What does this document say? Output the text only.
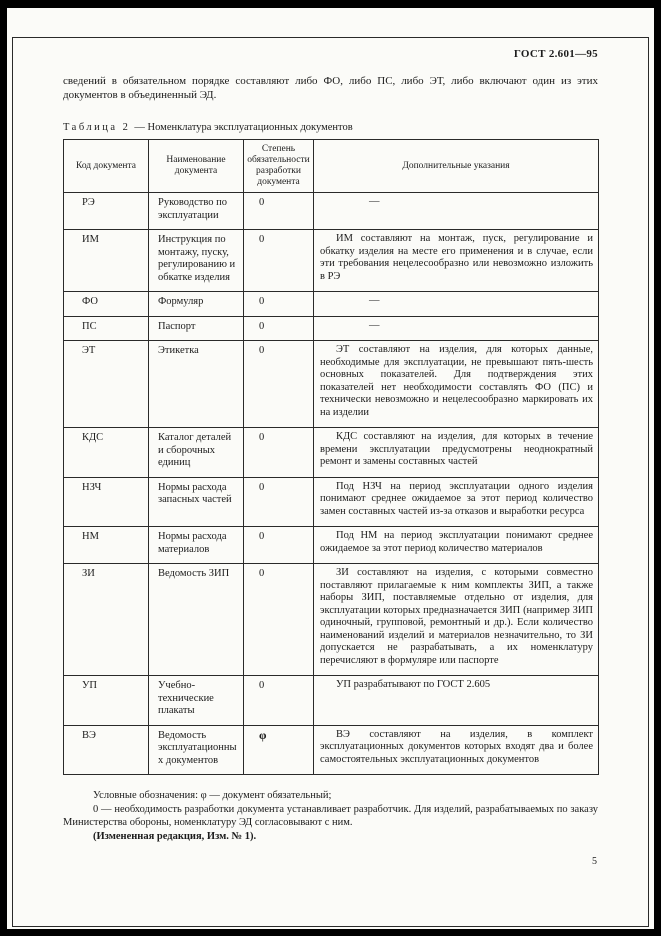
ГОСТ 2.601—95

сведений в обязательном порядке составляют либо ФО, либо ПС, либо ЭТ, либо включают один из этих документов в объединенный ЭД.

Таблица 2 — Номенклатура эксплуатационных документов
Код документа	Наименование документа	Степень обязательности разработки документа	Дополнительные указания
РЭ	Руководство по эксплуатации	0	—
ИМ	Инструкция по монтажу, пуску, регулированию и обкатке изделия	0	ИМ составляют на монтаж, пуск, регулирование и обкатку изделия на месте его применения и в случае, если эти требования нецелесообразно или невозможно изложить в РЭ
ФО	Формуляр	0	—
ПС	Паспорт	0	—
ЭТ	Этикетка	0	ЭТ составляют на изделия, для которых данные, необходимые для эксплуатации, не превышают пять-шесть основных показателей. Для подтверждения этих показателей нет необходимости составлять ФО (ПС) и технически невозможно и нецелесообразно маркировать их на изделии
КДС	Каталог деталей и сборочных единиц	0	КДС составляют на изделия, для которых в течение времени эксплуатации предусмотрены неоднократный ремонт и замены составных частей
НЗЧ	Нормы расхода запасных частей	0	Под НЗЧ на период эксплуатации одного изделия понимают среднее ожидаемое за этот период количество замен составных частей из-за отказов и выработки ресурса
НМ	Нормы расхода материалов	0	Под НМ на период эксплуатации понимают среднее ожидаемое за этот период количество материалов
ЗИ	Ведомость ЗИП	0	ЗИ составляют на изделия, с которыми совместно поставляют прилагаемые к ним комплекты ЗИП, а также наборы ЗИП, поставляемые отдельно от изделия, для эксплуатации которых предназначается ЗИП (например ЗИП одиночный, групповой, ремонтный и др.). Если количество наименований изделий и материалов незначительно, то ЗИ допускается не разрабатывать, а их номенклатуру перечисляют в формуляре или паспорте
УП	Учебно-технические плакаты	0	УП разрабатывают по ГОСТ 2.605
ВЭ	Ведомость эксплуатационных документов	φ	ВЭ составляют на изделия, в комплект эксплуатационных документов которых входят два и более самостоятельных эксплуатационных документов

Условные обозначения: φ — документ обязательный;

0 — необходимость разработки документа устанавливает разработчик. Для изделий, разрабатываемых по заказу Министерства обороны, номенклатуру ЭД согласовывают с ним.

(Измененная редакция, Изм. № 1).

5
